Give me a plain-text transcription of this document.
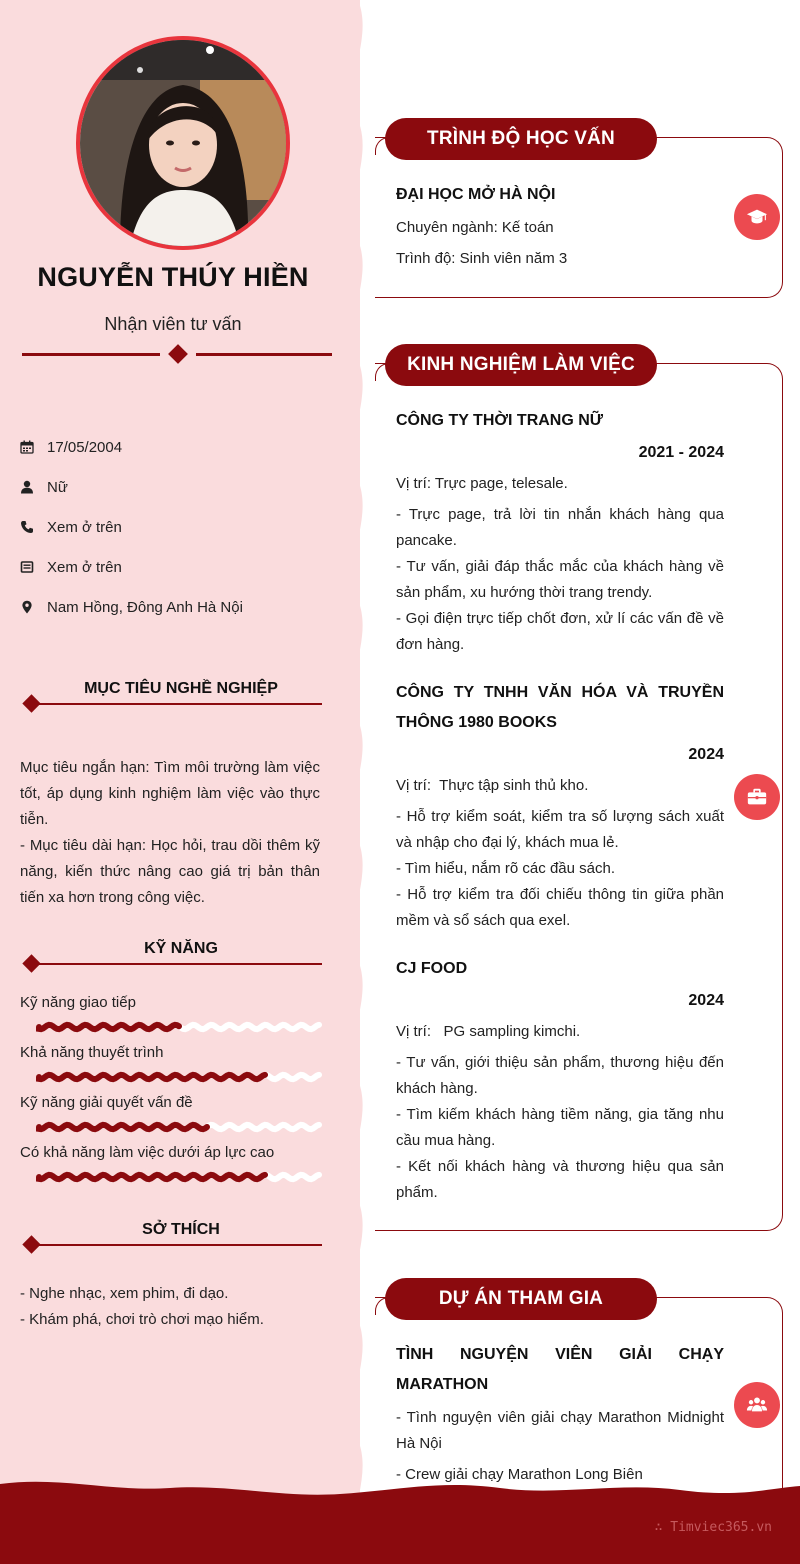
NGUYỄN THÚY HIỀN
Nhận viên tư vấn
17/05/2004
Nữ
Xem ở trên
Xem ở trên
Nam Hồng, Đông Anh Hà Nội
MỤC TIÊU NGHỀ NGHIỆP
Mục tiêu ngắn hạn: Tìm môi trường làm việc tốt, áp dụng kinh nghiệm làm việc vào thực tiễn.
- Mục tiêu dài hạn: Học hỏi, trau dồi thêm kỹ năng, kiến thức nâng cao giá trị bản thân tiến xa hơn trong công việc.
KỸ NĂNG
Kỹ năng giao tiếp
Khả năng thuyết trình
Kỹ năng giải quyết vấn đề
Có khả năng làm việc dưới áp lực cao
SỞ THÍCH
- Nghe nhạc, xem phim, đi dạo.
- Khám phá, chơi trò chơi mạo hiểm.
TRÌNH ĐỘ HỌC VẤN
ĐẠI HỌC MỞ HÀ NỘI
Chuyên ngành: Kế toán
Trình độ: Sinh viên năm 3
KINH NGHIỆM LÀM VIỆC
CÔNG TY THỜI TRANG NỮ
2021 - 2024
Vị trí: Trực page, telesale.
- Trực page, trả lời tin nhắn khách hàng qua pancake.
- Tư vấn, giải đáp thắc mắc của khách hàng về sản phẩm, xu hướng thời trang trendy.
- Gọi điện trực tiếp chốt đơn, xử lí các vấn đề về đơn hàng.
CÔNG TY TNHH VĂN HÓA VÀ TRUYỀN THÔNG 1980 BOOKS
2024
Vị trí:  Thực tập sinh thủ kho.
- Hỗ trợ kiểm soát, kiểm tra số lượng sách xuất và nhập cho đại lý, khách mua lẻ.
- Tìm hiểu, nắm rõ các đầu sách.
- Hỗ trợ kiểm tra đối chiếu thông tin giữa phần mềm và sổ sách qua exel.
CJ FOOD
2024
Vị trí:   PG sampling kimchi.
- Tư vấn, giới thiệu sản phẩm, thương hiệu đến khách hàng.
- Tìm kiếm khách hàng tiềm năng, gia tăng nhu cầu mua hàng.
- Kết nối khách hàng và thương hiệu qua sản phẩm.
DỰ ÁN THAM GIA
TÌNH NGUYỆN VIÊN GIẢI CHẠY MARATHON
- Tình nguyện viên giải chạy Marathon Midnight Hà Nội
- Crew giải chạy Marathon Long Biên
∴ Timviec365.vn
